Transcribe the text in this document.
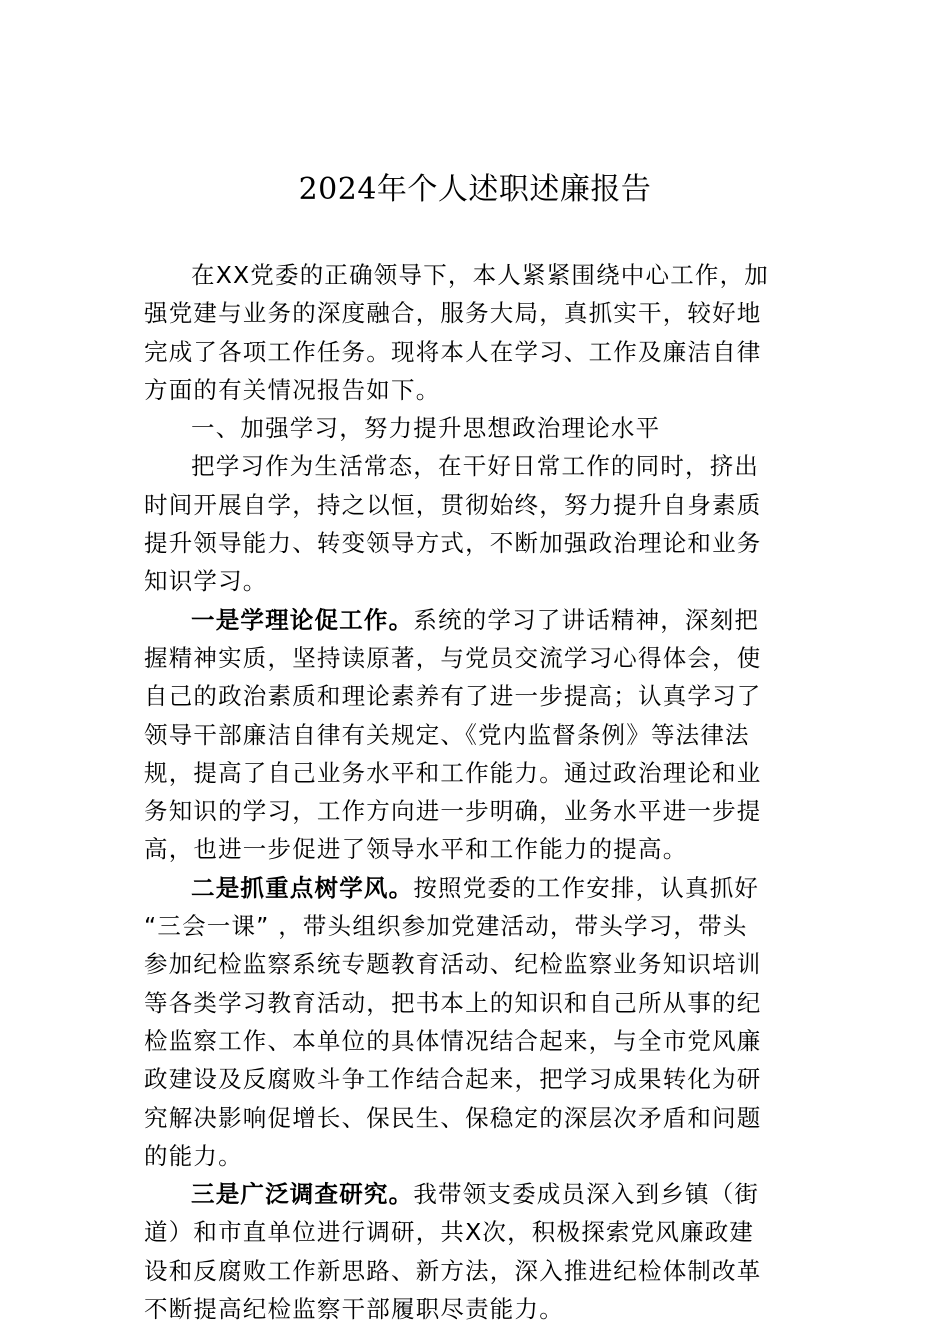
2024年个人述职述廉报告
在XX党委的正确领导下，本人紧紧围绕中心工作，加
强党建与业务的深度融合，服务大局，真抓实干，较好地
完成了各项工作任务。现将本人在学习、工作及廉洁自律
方面的有关情况报告如下。
一、加强学习，努力提升思想政治理论水平
把学习作为生活常态，在干好日常工作的同时，挤出
时间开展自学，持之以恒，贯彻始终，努力提升自身素质
提升领导能力、转变领导方式，不断加强政治理论和业务
知识学习。
一是学理论促工作。系统的学习了讲话精神，深刻把
握精神实质，坚持读原著，与党员交流学习心得体会，使
自己的政治素质和理论素养有了进一步提高；认真学习了
领导干部廉洁自律有关规定、《党内监督条例》等法律法
规，提高了自己业务水平和工作能力。通过政治理论和业
务知识的学习，工作方向进一步明确，业务水平进一步提
高，也进一步促进了领导水平和工作能力的提高。
二是抓重点树学风。按照党委的工作安排，认真抓好
“三会一课” ，带头组织参加党建活动，带头学习，带头
参加纪检监察系统专题教育活动、纪检监察业务知识培训
等各类学习教育活动，把书本上的知识和自己所从事的纪
检监察工作、本单位的具体情况结合起来，与全市党风廉
政建设及反腐败斗争工作结合起来，把学习成果转化为研
究解决影响促增长、保民生、保稳定的深层次矛盾和问题
的能力。
三是广泛调查研究。我带领支委成员深入到乡镇（街
道）和市直单位进行调研，共X次，积极探索党风廉政建
设和反腐败工作新思路、新方法，深入推进纪检体制改革
不断提高纪检监察干部履职尽责能力。
